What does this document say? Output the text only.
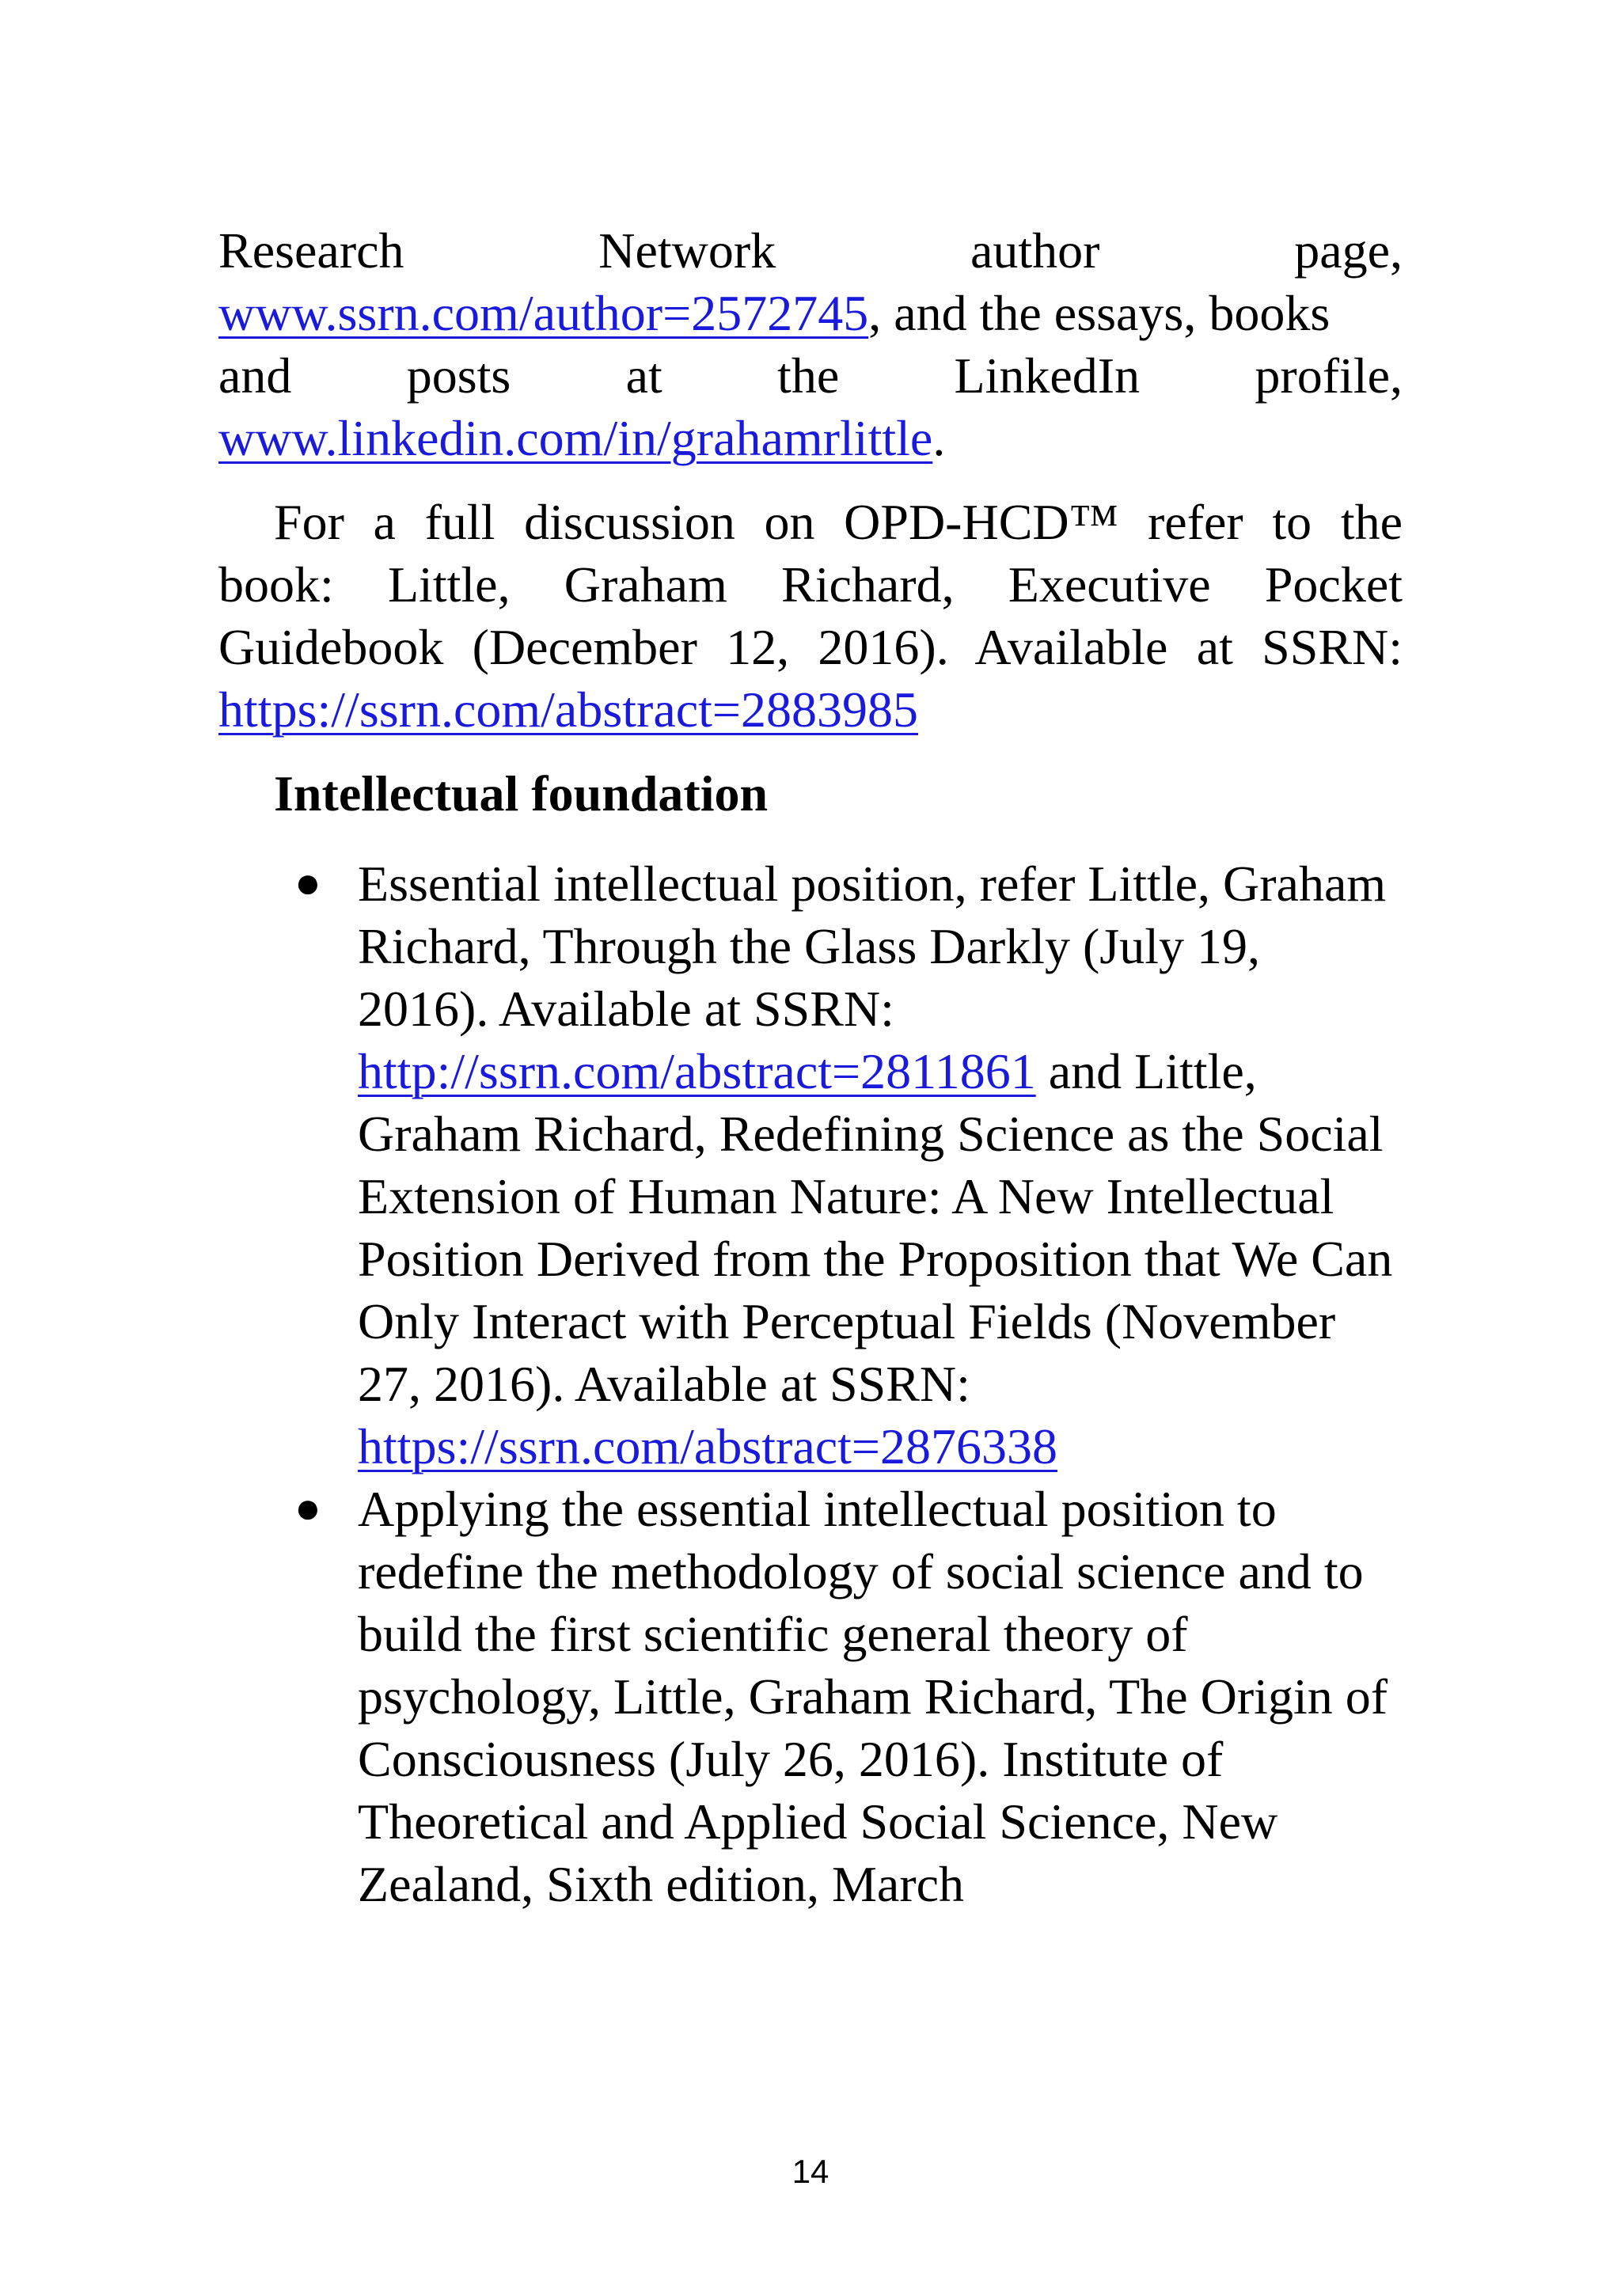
Research Network author page,
www.ssrn.com/author=2572745, and the essays, books
and posts at the LinkedIn profile,
www.linkedin.com/in/grahamrlittle.
For a full discussion on OPD-HCD™ refer to the
book: Little, Graham Richard, Executive Pocket
Guidebook (December 12, 2016). Available at SSRN:
https://ssrn.com/abstract=2883985
Intellectual foundation
● Essential intellectual position, refer Little, Graham Richard, Through the Glass Darkly (July 19, 2016). Available at SSRN: http://ssrn.com/abstract=2811861 and Little, Graham Richard, Redefining Science as the Social Extension of Human Nature: A New Intellectual Position Derived from the Proposition that We Can Only Interact with Perceptual Fields (November 27, 2016). Available at SSRN: https://ssrn.com/abstract=2876338
● Applying the essential intellectual position to redefine the methodology of social science and to build the first scientific general theory of psychology, Little, Graham Richard, The Origin of Consciousness (July 26, 2016). Institute of Theoretical and Applied Social Science, New Zealand, Sixth edition, March
14
